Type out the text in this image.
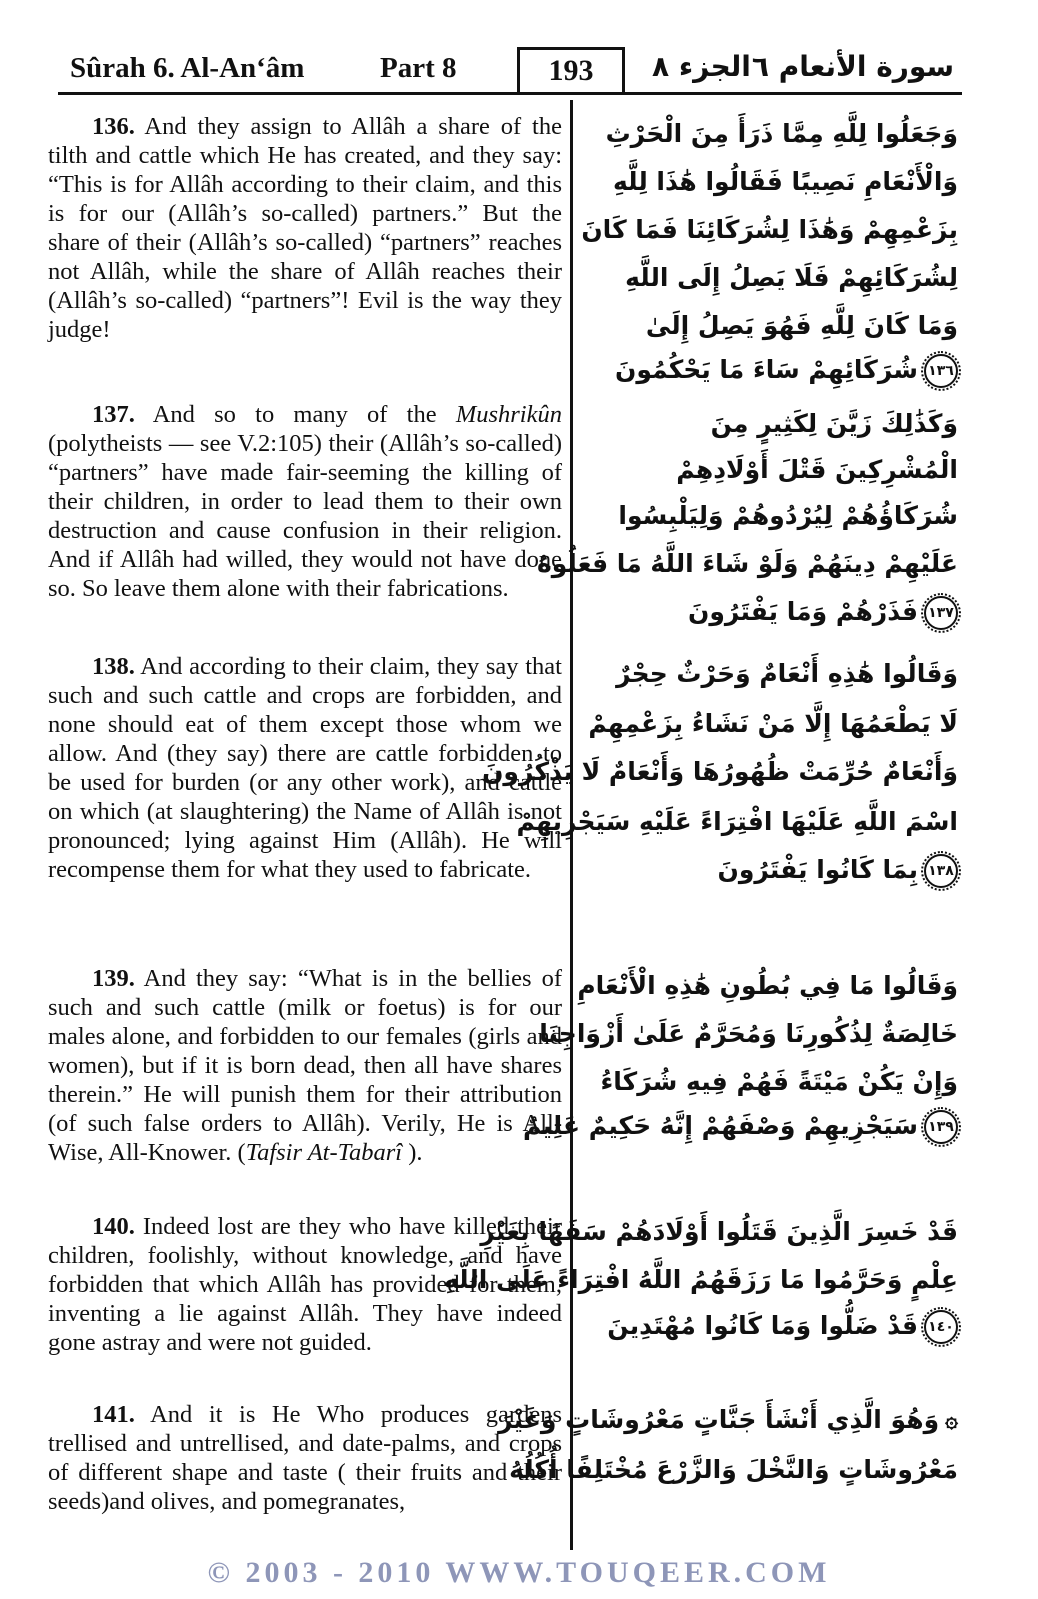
Sûrah 6. Al-An‘âm	Part 8	193	الجزء ٨ سورة الأنعام ٦

136. And they assign to Allâh a share of the tilth and cattle which He has created, and they say: “This is for Allâh according to their claim, and this is for our (Allâh’s so-called) partners.” But the share of their (Allâh’s so-called) “partners” reaches not Allâh, while the share of Allâh reaches their (Allâh’s so-called) “partners”! Evil is the way they judge!

137. And so to many of the Mushrikûn (polytheists — see V.2:105) their (Allâh’s so-called) “partners” have made fair-seeming the killing of their children, in order to lead them to their own destruction and cause confusion in their religion. And if Allâh had willed, they would not have done so. So leave them alone with their fabrications.

138. And according to their claim, they say that such and such cattle and crops are forbidden, and none should eat of them except those whom we allow. And (they say) there are cattle forbidden to be used for burden (or any other work), and cattle on which (at slaughtering) the Name of Allâh is not pronounced; lying against Him (Allâh). He will recompense them for what they used to fabricate.

139. And they say: “What is in the bellies of such and such cattle (milk or foetus) is for our males alone, and forbidden to our females (girls and women), but if it is born dead, then all have shares therein.” He will punish them for their attribution (of such false orders to Allâh). Verily, He is All-Wise, All-Knower. (Tafsir At-Tabarî ).

140. Indeed lost are they who have killed their children, foolishly, without knowledge, and have forbidden that which Allâh has provided for them, inventing a lie against Allâh. They have indeed gone astray and were not guided.

141. And it is He Who produces gardens trellised and untrellised, and date-palms, and crops of different shape and taste ( their fruits and their seeds)and olives, and pomegranates,

وَجَعَلُوا لِلَّهِ مِمَّا ذَرَأَ مِنَ الْحَرْثِ
وَالْأَنْعَامِ نَصِيبًا فَقَالُوا هَٰذَا لِلَّهِ
بِزَعْمِهِمْ وَهَٰذَا لِشُرَكَائِنَا فَمَا كَانَ
لِشُرَكَائِهِمْ فَلَا يَصِلُ إِلَى اللَّهِ
وَمَا كَانَ لِلَّهِ فَهُوَ يَصِلُ إِلَىٰ
١٣٦شُرَكَائِهِمْ سَاءَ مَا يَحْكُمُونَ
وَكَذَٰلِكَ زَيَّنَ لِكَثِيرٍ مِنَ
الْمُشْرِكِينَ قَتْلَ أَوْلَادِهِمْ
شُرَكَاؤُهُمْ لِيُرْدُوهُمْ وَلِيَلْبِسُوا
عَلَيْهِمْ دِينَهُمْ وَلَوْ شَاءَ اللَّهُ مَا فَعَلُوهُ
١٣٧فَذَرْهُمْ وَمَا يَفْتَرُونَ
وَقَالُوا هَٰذِهِ أَنْعَامٌ وَحَرْثٌ حِجْرٌ
لَا يَطْعَمُهَا إِلَّا مَنْ نَشَاءُ بِزَعْمِهِمْ
وَأَنْعَامٌ حُرِّمَتْ ظُهُورُهَا وَأَنْعَامٌ لَا يَذْكُرُونَ
اسْمَ اللَّهِ عَلَيْهَا افْتِرَاءً عَلَيْهِ سَيَجْزِيهِمْ
١٣٨بِمَا كَانُوا يَفْتَرُونَ
وَقَالُوا مَا فِي بُطُونِ هَٰذِهِ الْأَنْعَامِ
خَالِصَةٌ لِذُكُورِنَا وَمُحَرَّمٌ عَلَىٰ أَزْوَاجِنَا
وَإِنْ يَكُنْ مَيْتَةً فَهُمْ فِيهِ شُرَكَاءُ
١٣٩سَيَجْزِيهِمْ وَصْفَهُمْ إِنَّهُ حَكِيمٌ عَلِيمٌ
قَدْ خَسِرَ الَّذِينَ قَتَلُوا أَوْلَادَهُمْ سَفَهًا بِغَيْرِ
عِلْمٍ وَحَرَّمُوا مَا رَزَقَهُمُ اللَّهُ افْتِرَاءً عَلَى اللَّهِ
١٤٠قَدْ ضَلُّوا وَمَا كَانُوا مُهْتَدِينَ
۞وَهُوَ الَّذِي أَنْشَأَ جَنَّاتٍ مَعْرُوشَاتٍ وَغَيْرَ
مَعْرُوشَاتٍ وَالنَّخْلَ وَالزَّرْعَ مُخْتَلِفًا أُكُلُهُ
© 2003 - 2010 WWW.TOUQEER.COM
